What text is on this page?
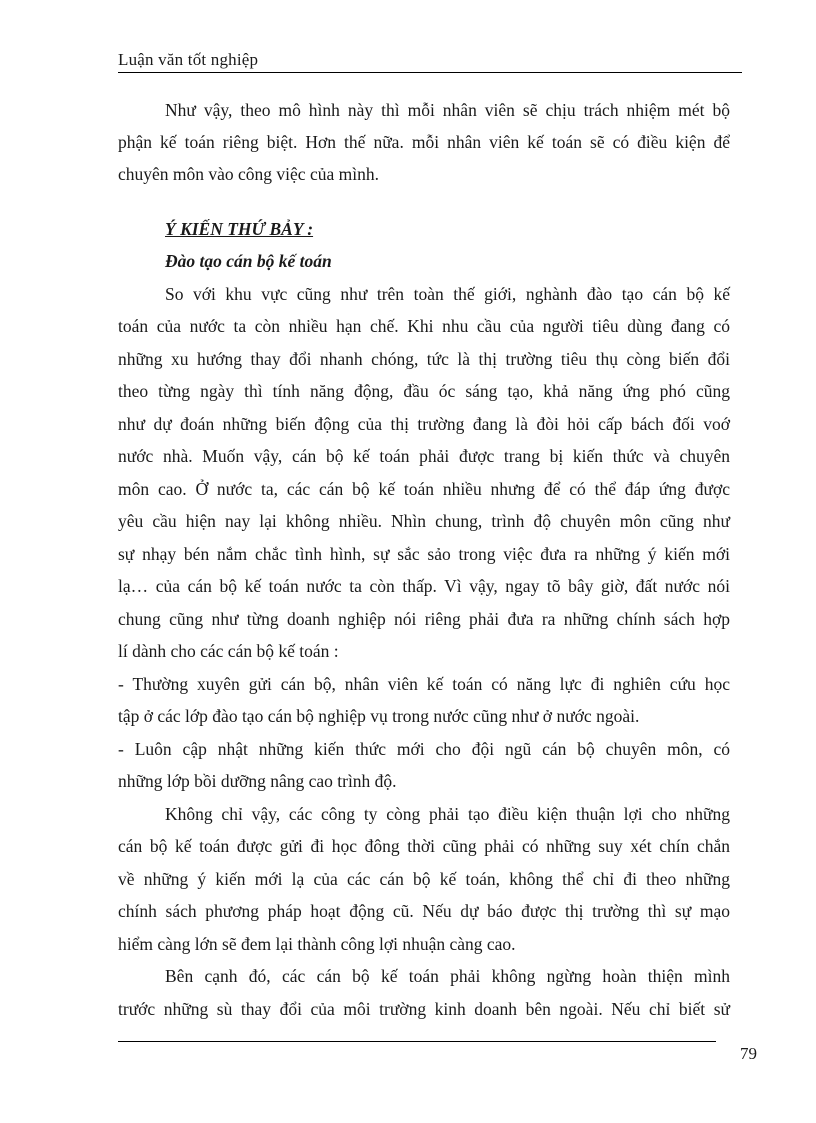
Luận văn tốt nghiệp
Như vậy, theo mô hình này thì mỗi nhân viên sẽ chịu trách nhiệm mét bộ
phận kế toán riêng biệt. Hơn thế nữa. mỗi nhân viên kế toán sẽ có điều kiện để
chuyên môn vào công việc của mình.
Ý KIẾN THỨ BẢY :
Đào tạo cán bộ kế toán
So với khu vực cũng như trên toàn thế giới, nghành đào tạo cán bộ kế
toán của nước ta còn nhiều hạn chế. Khi nhu cầu của người tiêu dùng đang có
những xu hướng thay đổi nhanh chóng, tức là thị trường tiêu thụ còng biến đổi
theo từng ngày thì tính năng động, đầu óc sáng tạo, khả năng ứng phó cũng
như dự đoán những biến động của thị trường đang là đòi hỏi cấp bách đối voớ
nước nhà. Muốn vậy, cán bộ kế toán phải được trang bị kiến thức và chuyên
môn cao. Ở nước ta, các cán bộ kế toán nhiều nhưng để có thể đáp ứng được
yêu cầu hiện nay lại không nhiều. Nhìn chung, trình độ chuyên môn cũng như
sự nhạy bén nắm chắc tình hình, sự sắc sảo trong việc đưa ra những ý kiến mới
lạ… của cán bộ kế toán nước ta còn thấp. Vì vậy, ngay tõ bây giờ, đất nước nói
chung cũng như từng doanh nghiệp nói riêng phải đưa ra những chính sách hợp
lí dành cho các cán bộ kế toán :
- Thường xuyên gửi cán bộ, nhân viên kế toán có năng lực đi nghiên cứu học
tập ở các lớp đào tạo cán bộ nghiệp vụ trong nước cũng như ở nước ngoài.
- Luôn cập nhật những kiến thức mới cho đội ngũ cán bộ chuyên môn, có
những lớp bồi dưỡng nâng cao trình độ.
Không chỉ vậy, các công ty còng phải tạo điều kiện thuận lợi cho những
cán bộ kế toán được gửi đi học đông thời cũng phải có những suy xét chín chắn
về những ý kiến mới lạ của các cán bộ kế toán, không thể chỉ đi theo những
chính sách phương pháp hoạt động cũ. Nếu dự báo được thị trường thì sự mạo
hiểm càng lớn sẽ đem lại thành công lợi nhuận càng cao.
Bên cạnh đó, các cán bộ kế toán phải không ngừng hoàn thiện mình
trước những sù thay đổi của môi trường kinh doanh bên ngoài. Nếu chỉ biết sử
79
